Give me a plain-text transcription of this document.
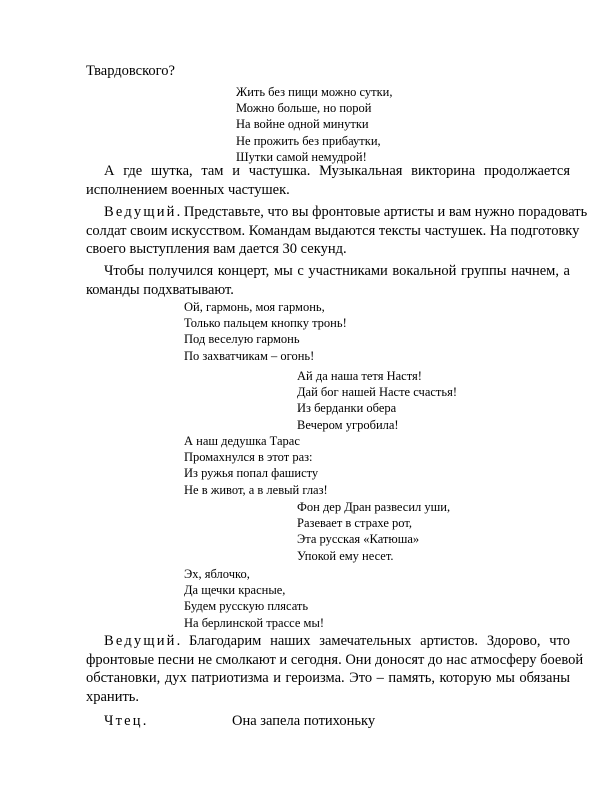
Твардовского?
Жить без пищи можно сутки,
Можно больше, но порой
На войне одной минутки
Не прожить без прибаутки,
Шутки самой немудрой!
А где шутка, там и частушка. Музыкальная викторина продолжается
исполнением военных частушек.
Ведущий. Представьте, что вы фронтовые артисты и вам нужно порадовать
солдат своим искусством. Командам выдаются тексты частушек. На подготовку
своего выступления вам дается 30 секунд.
Чтобы получился концерт, мы с участниками вокальной группы начнем, а
команды подхватывают.
Ой, гармонь, моя гармонь,
Только пальцем кнопку тронь!
Под веселую гармонь
По захватчикам – огонь!
Ай да наша тетя Настя!
Дай бог нашей Насте счастья!
Из берданки обера
Вечером угробила!
А наш дедушка Тарас
Промахнулся в этот раз:
Из ружья попал фашисту
Не в живот, а в левый глаз!
Фон дер Дран развесил уши,
Разевает в страхе рот,
Эта русская «Катюша»
Упокой ему несет.
Эх, яблочко,
Да щечки красные,
Будем русскую плясать
На берлинской трассе мы!
Ведущий. Благодарим наших замечательных артистов. Здорово, что
фронтовые песни не смолкают и сегодня. Они доносят до нас атмосферу боевой
обстановки, дух патриотизма и героизма. Это – память, которую мы обязаны
хранить.
Чтец.	Она запела потихоньку
